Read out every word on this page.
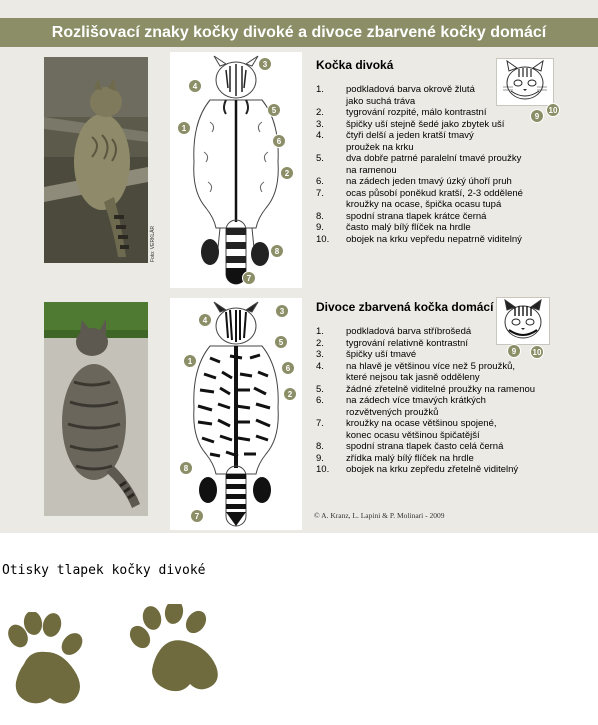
Rozlišovací znaky kočky divoké a divoce zbarvené kočky domácí
Foto: VERKLÄR
1
2
3
4
5
6
7
8
Kočka divoká
1.	podkladová barva okrově žlutá
jako suchá tráva
2.	tygrování rozpité, málo kontrastní
3.	špičky uší stejně šedé jako zbytek uší
4.	čtyři delší a jeden kratší tmavý
proužek na krku
5.	dva dobře patrné paralelní tmavé proužky
na ramenou
6.	na zádech jeden tmavý úzký úhoří pruh
7.	ocas působí poněkud kratší, 2-3 oddělené
kroužky na ocase, špička ocasu tupá
8.	spodní strana tlapek krátce černá
9.	často malý bílý flíček na hrdle
10.	obojek na krku vepředu nepatrně viditelný
9
10
1
2
3
4
5
6
7
8
Divoce zbarvená kočka domácí
1.	podkladová barva stříbrošedá
2.	tygrování relativně kontrastní
3.	špičky uší tmavé
4.	na hlavě je většinou více než 5 proužků,
které nejsou tak jasně odděleny
5.	žádné zřetelně viditelné proužky na ramenou
6.	na zádech více tmavých krátkých
rozvětvených proužků
7.	kroužky na ocase většinou spojené,
konec ocasu většinou špičatější
8.	spodní strana tlapek často celá černá
9.	zřídka malý bílý flíček na hrdle
10.	obojek na krku zepředu zřetelně viditelný
9	10
© A. Kranz, L. Lapini & P. Molinari - 2009
Otisky tlapek kočky divoké
